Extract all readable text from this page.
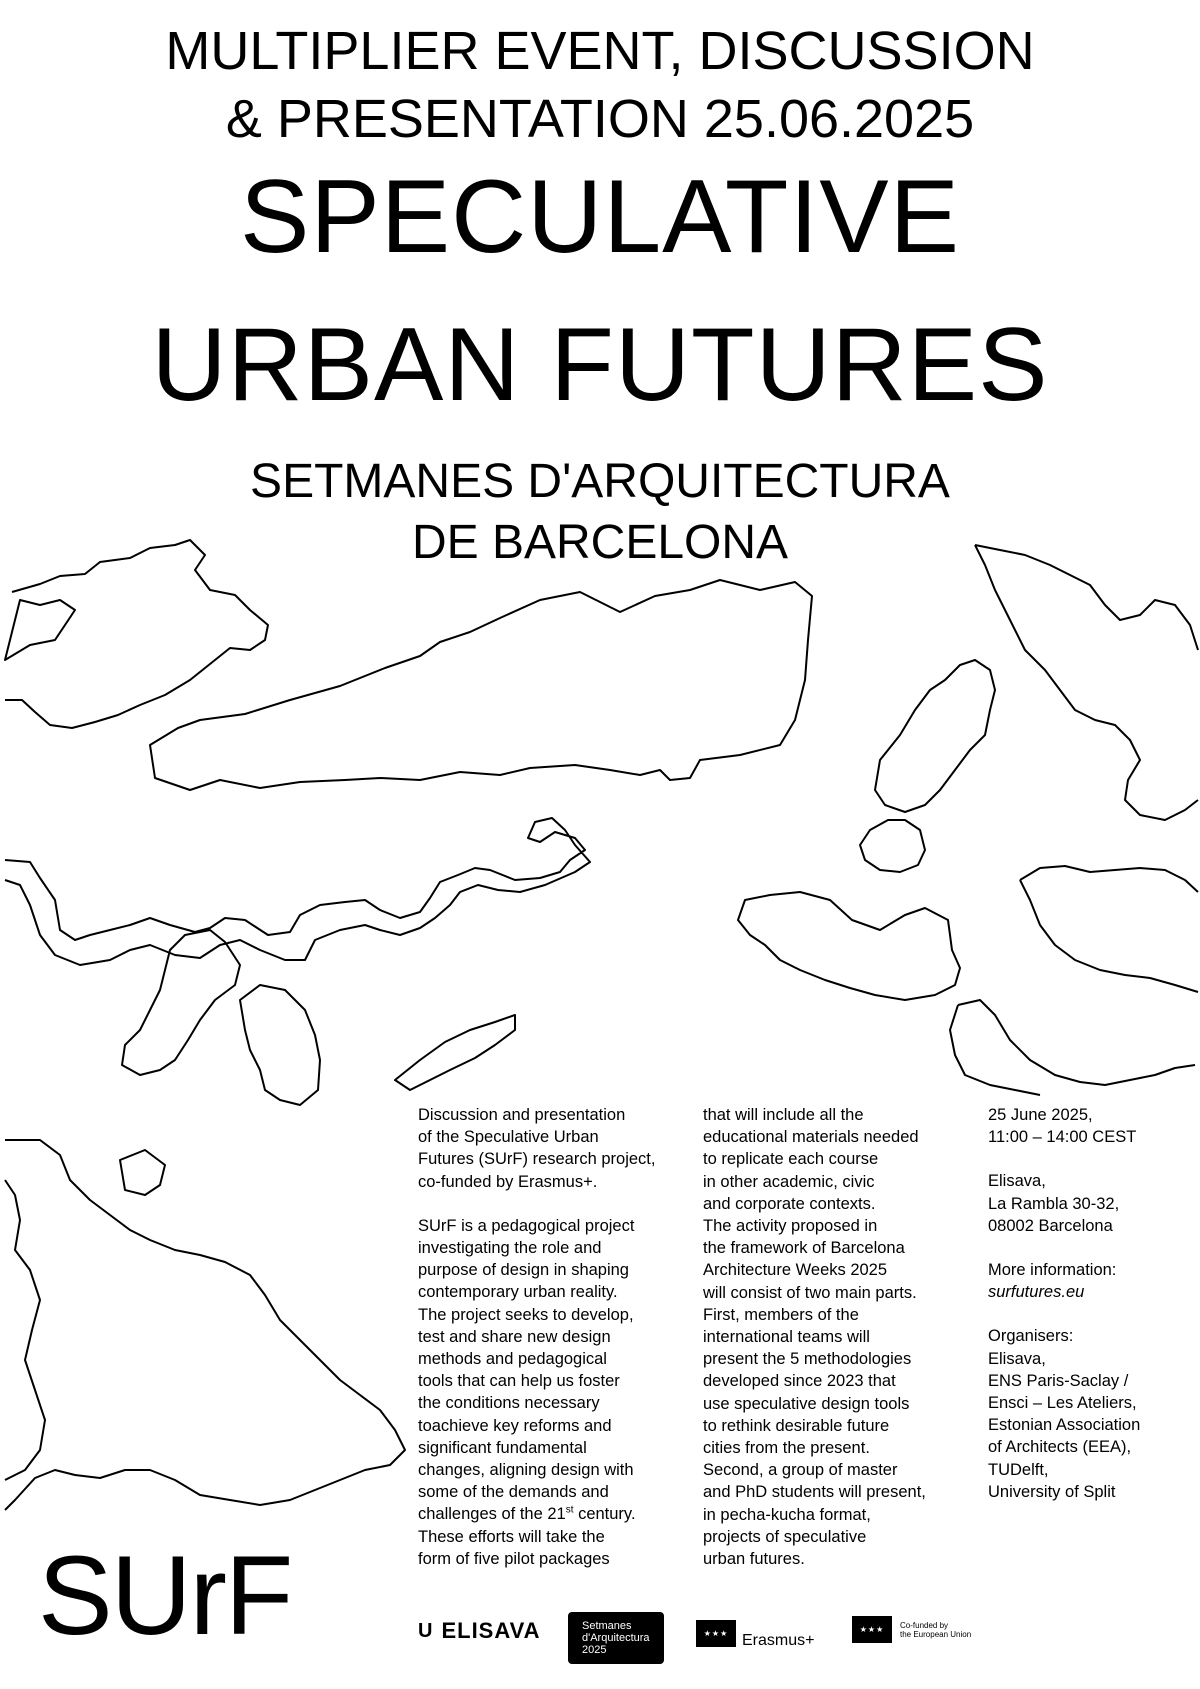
MULTIPLIER EVENT, DISCUSSION
& PRESENTATION 25.06.2025
SPECULATIVE
URBAN FUTURES
SETMANES D'ARQUITECTURA
DE BARCELONA
Discussion and presentation
of the Speculative Urban
Futures (SUrF) research project,
co-funded by Erasmus+.
SUrF is a pedagogical project
investigating the role and
purpose of design in shaping
contemporary urban reality.
The project seeks to develop,
test and share new design
methods and pedagogical
tools that can help us foster
the conditions necessary
toachieve key reforms and
significant fundamental
changes, aligning design with
some of the demands and
challenges of the 21st century.
These efforts will take the
form of five pilot packages
that will include all the
educational materials needed
to replicate each course
in other academic, civic
and corporate contexts.
The activity proposed in
the framework of Barcelona
Architecture Weeks 2025
will consist of two main parts.
First, members of the
international teams will
present the 5 methodologies
developed since 2023 that
use speculative design tools
to rethink desirable future
cities from the present.
Second, a group of master
and PhD students will present,
in pecha-kucha format,
projects of speculative
urban futures.
25 June 2025,
11:00 – 14:00 CEST
Elisava,
La Rambla 30-32,
08002 Barcelona
More information:
surfutures.eu
Organisers:
Elisava,
ENS Paris-Saclay /
Ensci – Les Ateliers,
Estonian Association
of Architects (EEA),
TUDelft,
University of Split
SUrF	U ELISAVA	Setmanes
d'Arquitectura
2025
★★★ Erasmus+
★★★	Co-funded by
the European Union
